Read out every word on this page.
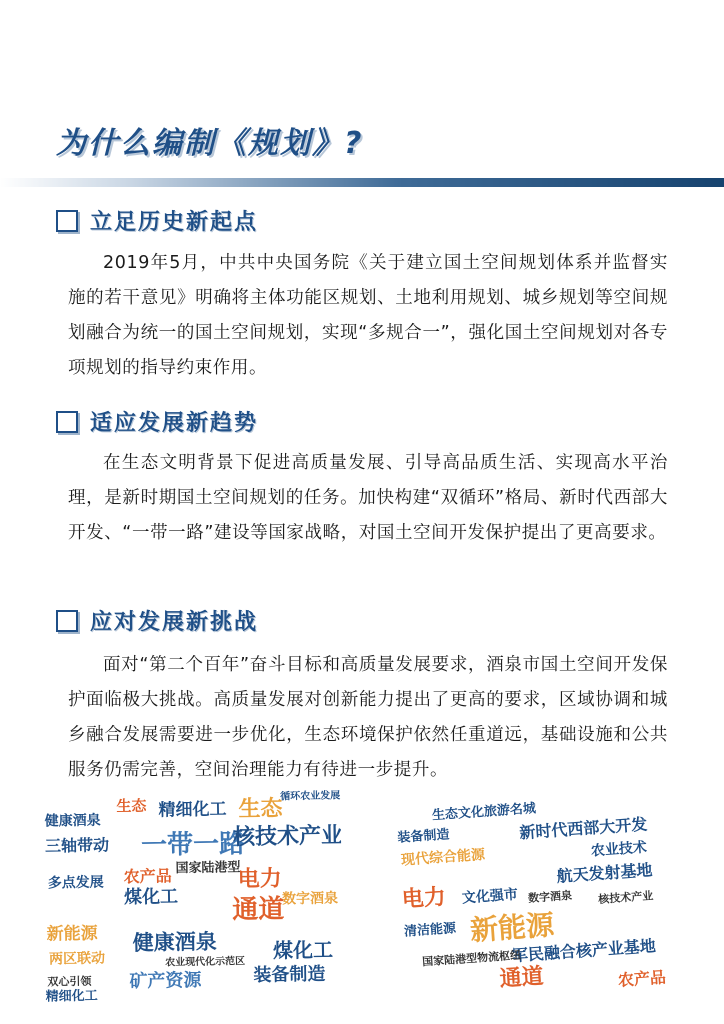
为什么编制《规划》?
立足历史新起点

2019年5月，中共中央国务院《关于建立国土空间规划体系并监督实施的若干意见》明确将主体功能区规划、土地利用规划、城乡规划等空间规划融合为统一的国土空间规划，实现“多规合一”，强化国土空间规划对各专项规划的指导约束作用。

适应发展新趋势

在生态文明背景下促进高质量发展、引导高品质生活、实现高水平治理，是新时期国土空间规划的任务。加快构建“双循环”格局、新时代西部大开发、“一带一路”建设等国家战略，对国土空间开发保护提出了更高要求。

应对发展新挑战

面对“第二个百年”奋斗目标和高质量发展要求，酒泉市国土空间开发保护面临极大挑战。高质量发展对创新能力提出了更高的要求，区域协调和城乡融合发展需要进一步优化，生态环境保护依然任重道远，基础设施和公共服务仍需完善，空间治理能力有待进一步提升。

生态 精细化工 生态
循环农业发展
健康酒泉
三轴带动 一带一路
核技术产业
国家陆港型
多点发展 农产品	电力
煤化工	数字酒泉
新能源
通道
健康酒泉
两区联动	煤化工
矿产资源	装备制造
双心引领
精细化工
农业现代化示范区
生态文化旅游名城
装备制造	新时代西部大开发
现代综合能源	农业技术
航天发射基地
电力 文化强市
新能源
军民融合核产业基地
清洁能源
通道	农产品
国家陆港型物流枢纽
数字酒泉 核技术产业
